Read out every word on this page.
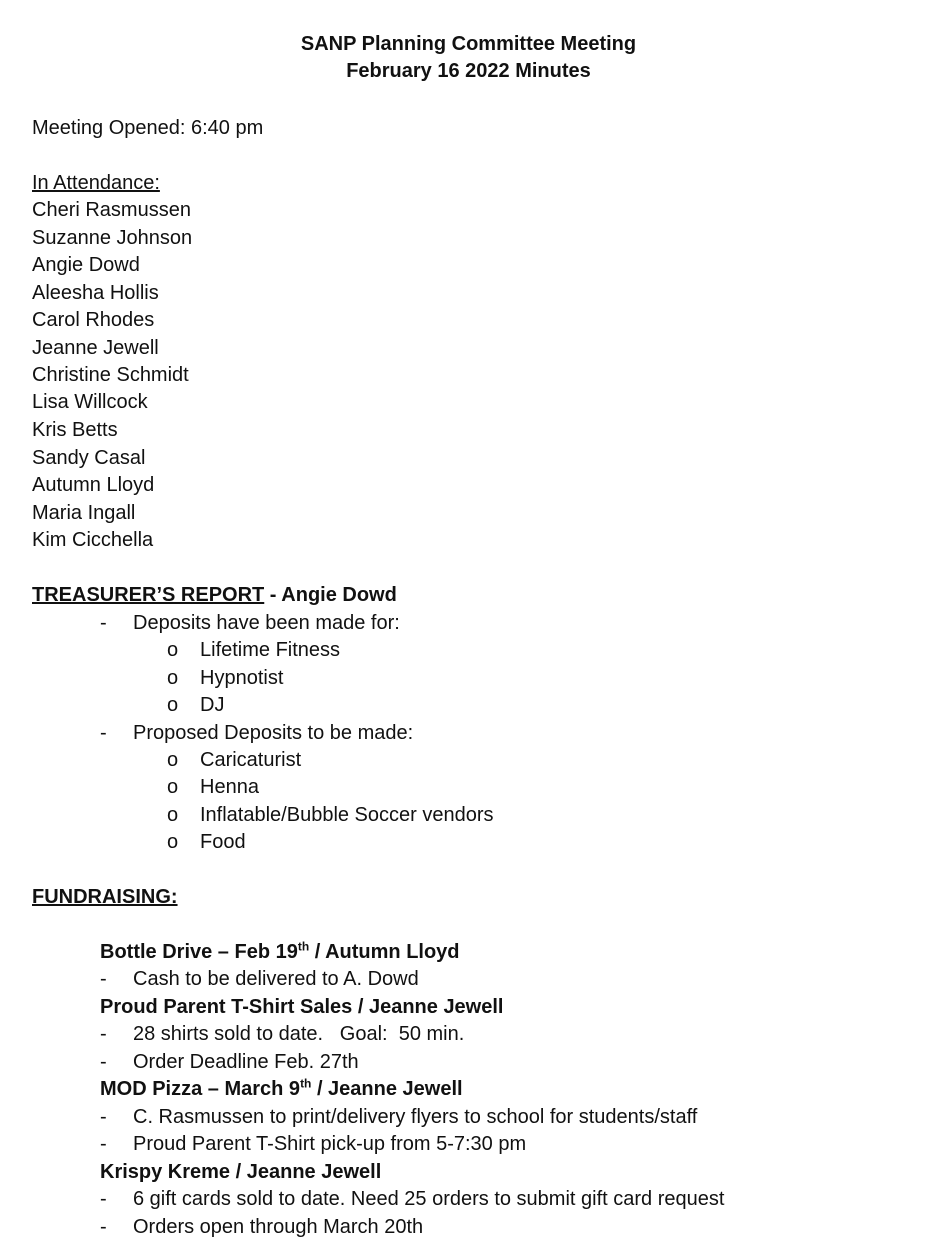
SANP Planning Committee Meeting
February 16 2022 Minutes
Meeting Opened: 6:40 pm
In Attendance:
Cheri Rasmussen
Suzanne Johnson
Angie Dowd
Aleesha Hollis
Carol Rhodes
Jeanne Jewell
Christine Schmidt
Lisa Willcock
Kris Betts
Sandy Casal
Autumn Lloyd
Maria Ingall
Kim Cicchella
TREASURER’S REPORT - Angie Dowd
- Deposits have been made for:
o Lifetime Fitness
o Hypnotist
o DJ
- Proposed Deposits to be made:
o Caricaturist
o Henna
o Inflatable/Bubble Soccer vendors
o Food
FUNDRAISING:
Bottle Drive – Feb 19th / Autumn Lloyd
- Cash to be delivered to A. Dowd
Proud Parent T-Shirt Sales / Jeanne Jewell
- 28 shirts sold to date.   Goal:  50 min.
- Order Deadline Feb. 27th
MOD Pizza – March 9th / Jeanne Jewell
- C. Rasmussen to print/delivery flyers to school for students/staff
- Proud Parent T-Shirt pick-up from 5-7:30 pm
Krispy Kreme / Jeanne Jewell
- 6 gift cards sold to date. Need 25 orders to submit gift card request
- Orders open through March 20th
